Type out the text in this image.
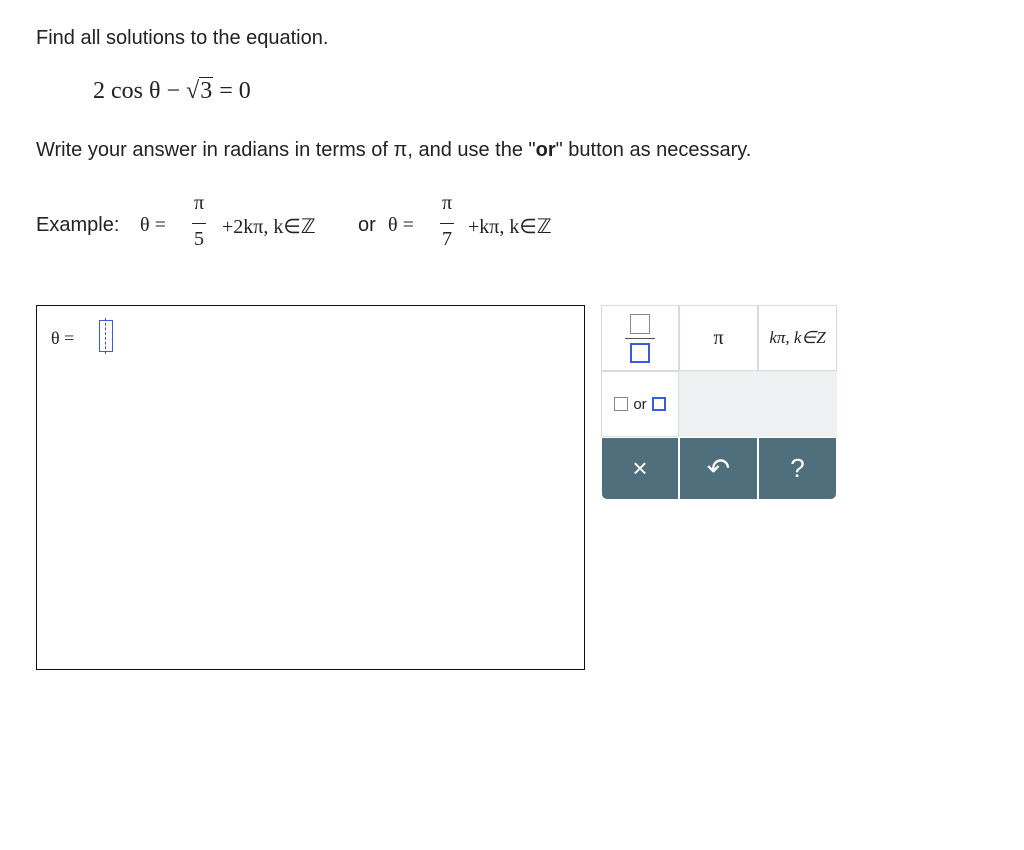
Find all solutions to the equation.
2 cos θ − √3 = 0
Write your answer in radians in terms of π, and use the "or" button as necessary.
Example: θ =
π
5
+2kπ, k∈ℤ or θ =
π
7
+kπ, k∈ℤ
θ =	π	kπ, k∈Z
or
× ↶ ?
